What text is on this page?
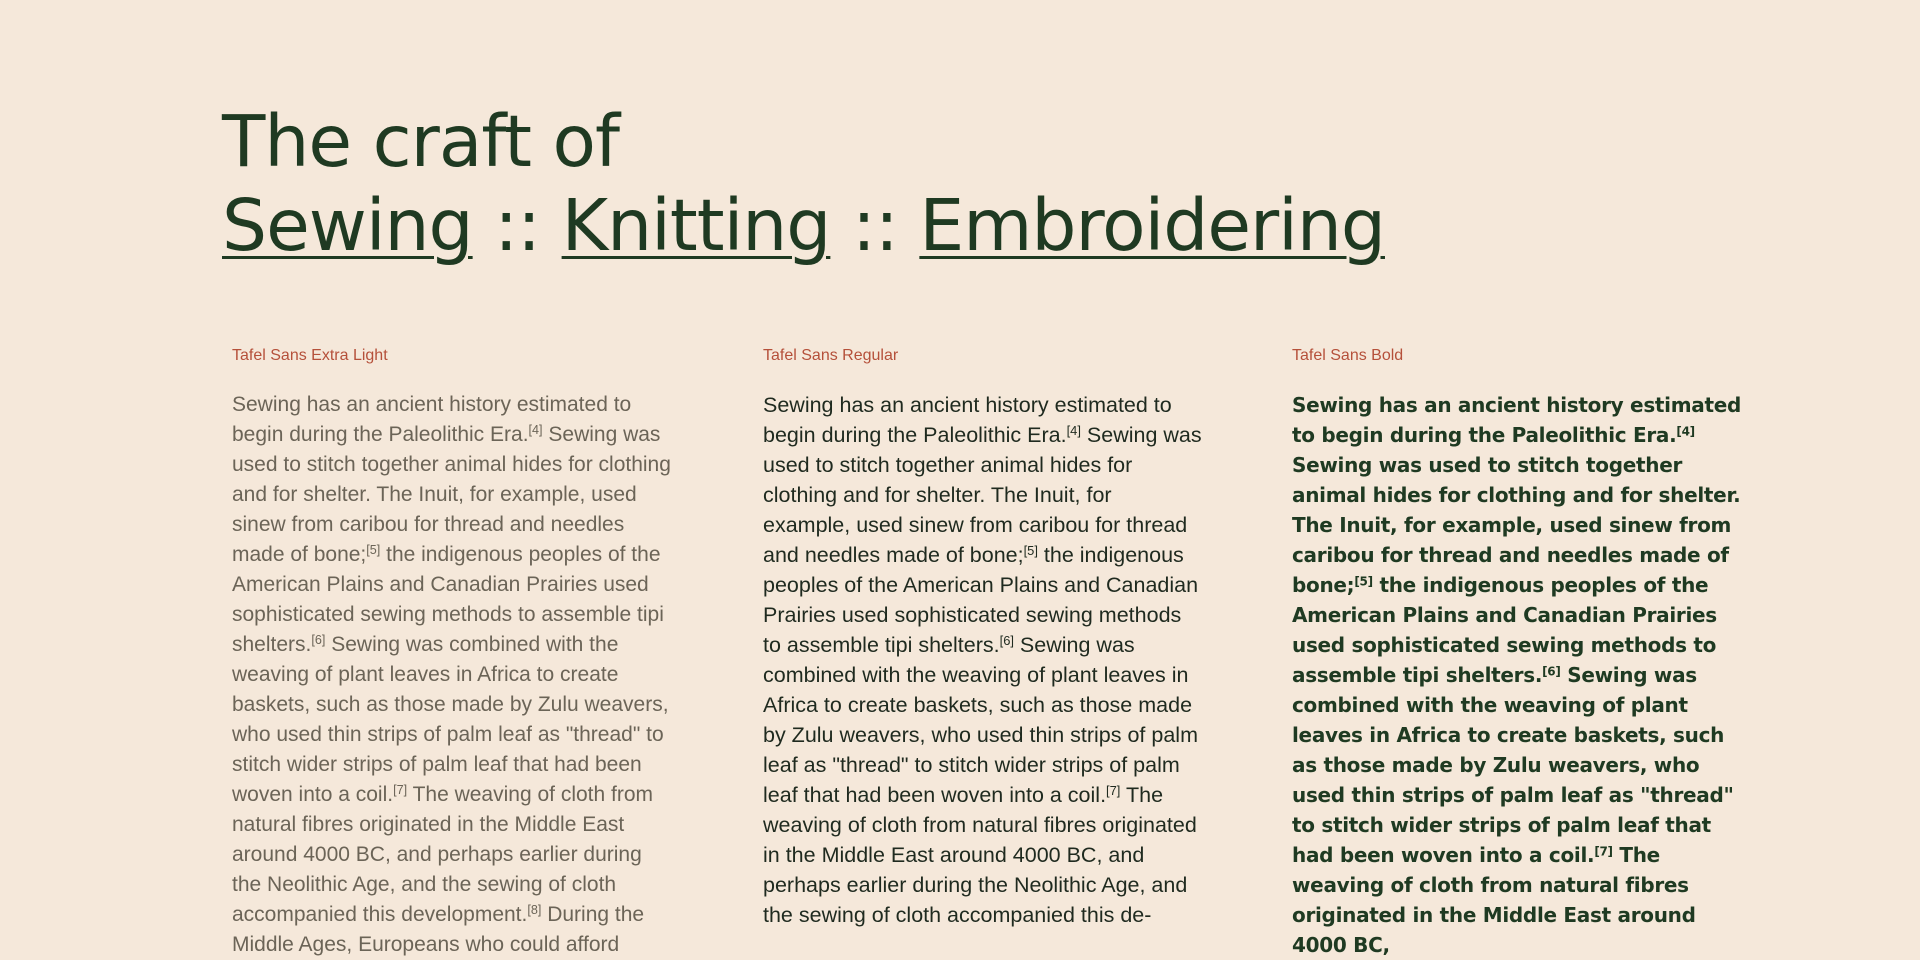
The craft of
Sewing :: Knitting :: Embroidering

Tafel Sans Extra Light

Sewing has an ancient history estimated to begin during the Paleolithic Era.[4] Sewing was used to stitch together animal hides for clothing and for shelter. The Inuit, for example, used sinew from caribou for thread and needles made of bone;[5] the indigenous peoples of the American Plains and Canadian Prairies used sophisticated sewing methods to assemble tipi shelters.[6] Sewing was combined with the weaving of plant leaves in Africa to create baskets, such as those made by Zulu weavers, who used thin strips of palm leaf as "thread" to stitch wider strips of palm leaf that had been woven into a coil.[7] The weaving of cloth from natural fibres originated in the Middle East around 4000 BC, and perhaps earlier during the Neolithic Age, and the sewing of cloth accompanied this development.[8] During the Middle Ages, Europeans who could afford

Tafel Sans Regular

Sewing has an ancient history estimated to begin during the Paleolithic Era.[4] Sewing was used to stitch together animal hides for clothing and for shelter. The Inuit, for example, used sinew from caribou for thread and needles made of bone;[5] the indigenous peoples of the American Plains and Canadian Prairies used sophisticated sewing methods to assemble tipi shelters.[6] Sewing was combined with the weaving of plant leaves in Africa to create baskets, such as those made by Zulu weavers, who used thin strips of palm leaf as "thread" to stitch wider strips of palm leaf that had been woven into a coil.[7] The weaving of cloth from natural fibres originated in the Middle East around 4000 BC, and perhaps earlier during the Neolithic Age, and the sewing of cloth accompanied this de-

Tafel Sans Bold

Sewing has an ancient history estimated to begin during the Paleolithic Era.[4] Sewing was used to stitch together animal hides for clothing and for shelter. The Inuit, for example, used sinew from caribou for thread and needles made of bone;[5] the indigenous peoples of the American Plains and Canadian Prairies used sophisticated sewing methods to assemble tipi shelters.[6] Sewing was combined with the weaving of plant leaves in Africa to create baskets, such as those made by Zulu weavers, who used thin strips of palm leaf as "thread" to stitch wider strips of palm leaf that had been woven into a coil.[7] The weaving of cloth from natural fibres originated in the Middle East around 4000 BC,
